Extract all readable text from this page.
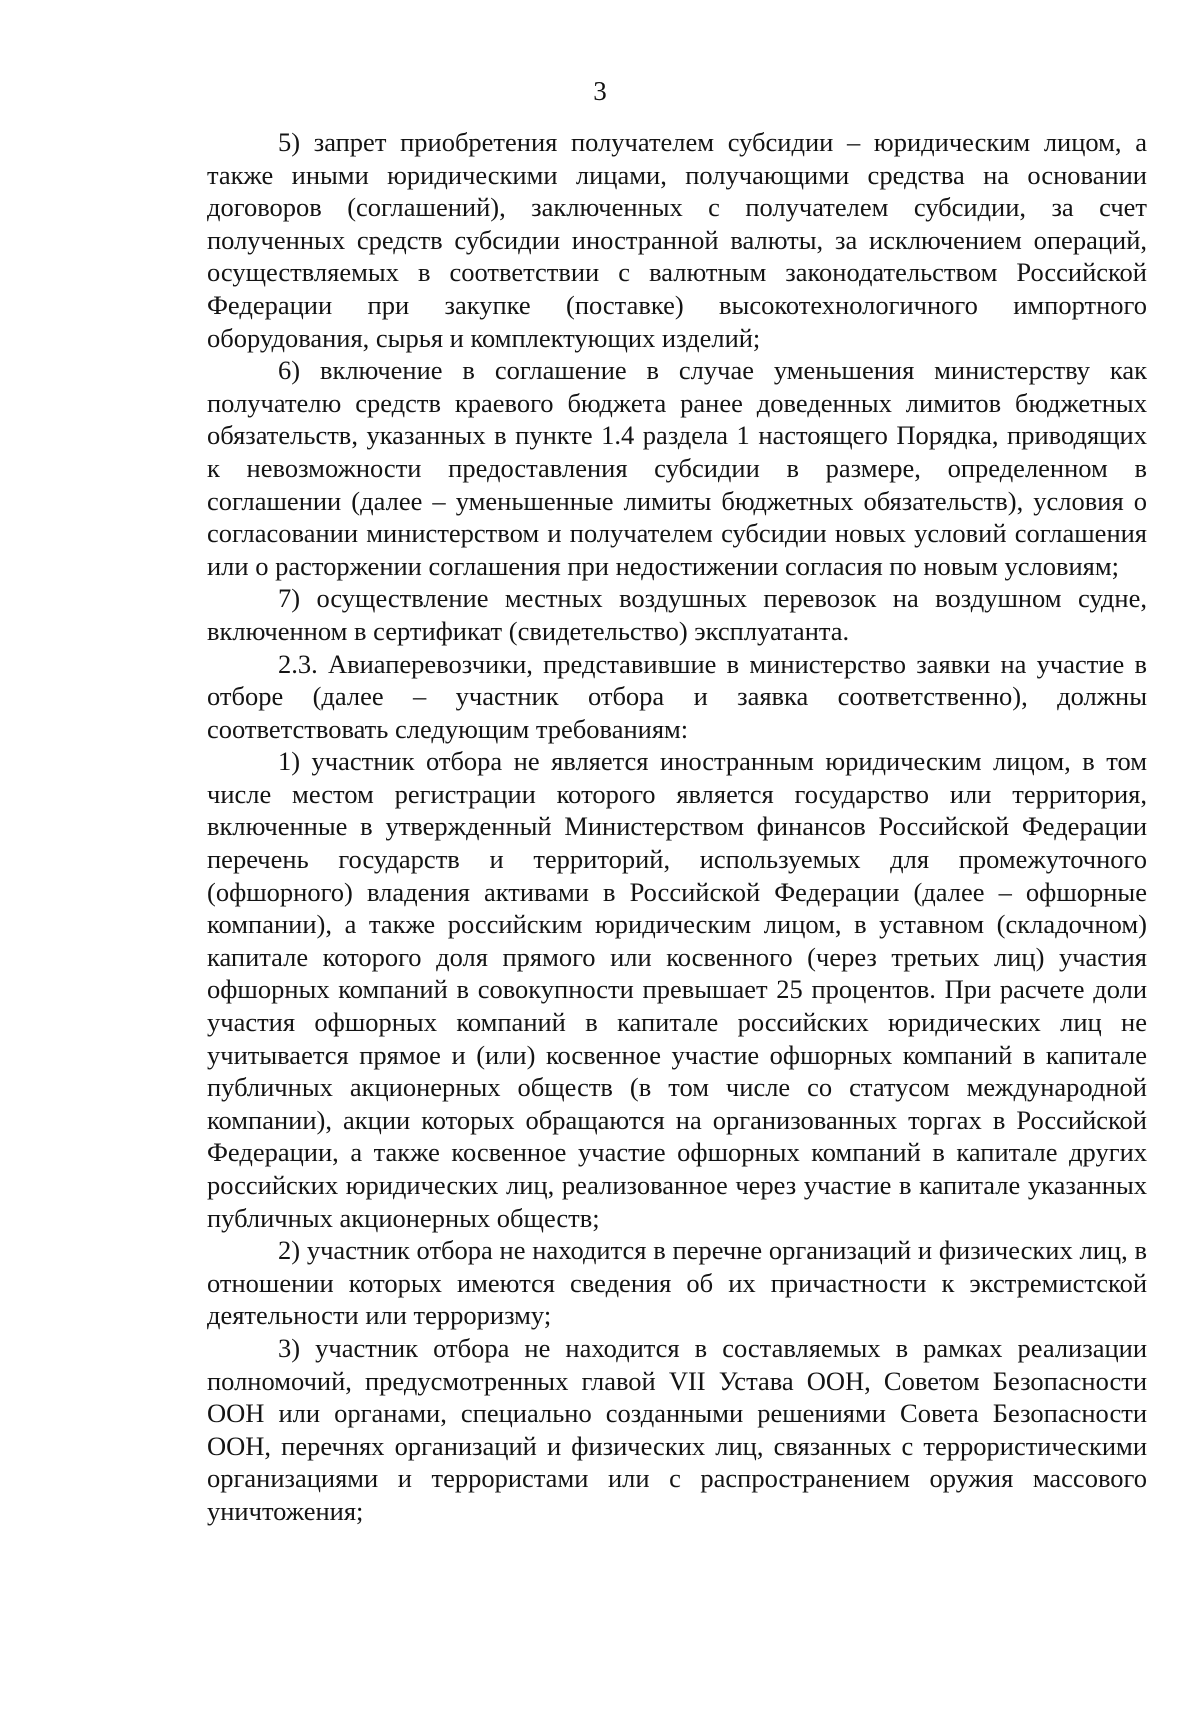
3

5) запрет приобретения получателем субсидии – юридическим лицом, а также иными юридическими лицами, получающими средства на основании договоров (соглашений), заключенных с получателем субсидии, за счет полученных средств субсидии иностранной валюты, за исключением операций, осуществляемых в соответствии с валютным законодательством Российской Федерации при закупке (поставке) высокотехнологичного импортного оборудования, сырья и комплектующих изделий;

6) включение в соглашение в случае уменьшения министерству как получателю средств краевого бюджета ранее доведенных лимитов бюджетных обязательств, указанных в пункте 1.4 раздела 1 настоящего Порядка, приводящих к невозможности предоставления субсидии в размере, определенном в соглашении (далее – уменьшенные лимиты бюджетных обязательств), условия о согласовании министерством и получателем субсидии новых условий соглашения или о расторжении соглашения при недостижении согласия по новым условиям;

7) осуществление местных воздушных перевозок на воздушном судне, включенном в сертификат (свидетельство) эксплуатанта.

2.3. Авиаперевозчики, представившие в министерство заявки на участие в отборе (далее – участник отбора и заявка соответственно), должны соответствовать следующим требованиям:

1) участник отбора не является иностранным юридическим лицом, в том числе местом регистрации которого является государство или территория, включенные в утвержденный Министерством финансов Российской Федерации перечень государств и территорий, используемых для промежуточного (офшорного) владения активами в Российской Федерации (далее – офшорные компании), а также российским юридическим лицом, в уставном (складочном) капитале которого доля прямого или косвенного (через третьих лиц) участия офшорных компаний в совокупности превышает 25 процентов. При расчете доли участия офшорных компаний в капитале российских юридических лиц не учитывается прямое и (или) косвенное участие офшорных компаний в капитале публичных акционерных обществ (в том числе со статусом международной компании), акции которых обращаются на организованных торгах в Российской Федерации, а также косвенное участие офшорных компаний в капитале других российских юридических лиц, реализованное через участие в капитале указанных публичных акционерных обществ;

2) участник отбора не находится в перечне организаций и физических лиц, в отношении которых имеются сведения об их причастности к экстремистской деятельности или терроризму;

3) участник отбора не находится в составляемых в рамках реализации полномочий, предусмотренных главой VII Устава ООН, Советом Безопасности ООН или органами, специально созданными решениями Совета Безопасности ООН, перечнях организаций и физических лиц, связанных с террористическими организациями и террористами или с распространением оружия массового уничтожения;
